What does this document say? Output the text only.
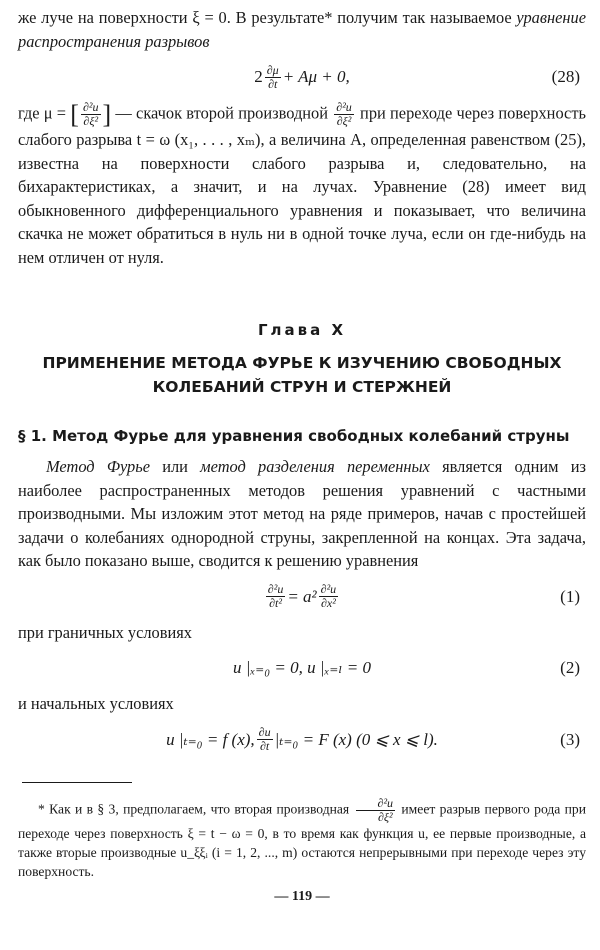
же луче на поверхности ξ = 0. В результате* получим так называемое уравнение распространения разрывов

$2 \frac{\partial\mu}{\partial t} + A\mu + 0$,	(28)

где μ = [ $\frac{\text{∂²u}}{\text{∂ξ²}}$ ] — скачок второй производной $\frac{\text{∂²u}}{\text{∂ξ²}}$ при переходе через поверхность слабого разрыва t = ω (x₁, . . . , xₘ), а величина A, определенная равенством (25), известна на поверхности слабого разрыва и, следовательно, на бихарактеристиках, а значит, и на лучах. Уравнение (28) имеет вид обыкновенного дифференциального уравнения и показывает, что величина скачка не может обратиться в нуль ни в одной точке луча, если он где-нибудь на нем отличен от нуля.

Глава X
ПРИМЕНЕНИЕ МЕТОДА ФУРЬЕ К ИЗУЧЕНИЮ СВОБОДНЫХ
КОЛЕБАНИЙ СТРУН И СТЕРЖНЕЙ
§ 1. Метод Фурье для уравнения свободных колебаний струны

Метод Фурье или метод разделения переменных является одним из наиболее распространенных методов решения уравнений с частными производными. Мы изложим этот метод на ряде примеров, начав с простейшей задачи о колебаниях однородной струны, закрепленной на концах. Эта задача, как было показано выше, сводится к решению уравнения

$\frac{\text{∂²u}}{\text{∂t²}} = a^2 \frac{\text{∂²u}}{\text{∂x²}}$	(1)

при граничных условиях

u |ₓ₌₀ = 0, u |ₓ₌ₗ = 0	(2)

и начальных условиях

u |ₜ₌₀ = f (x), $\frac{\partial u}{\partial t} |_{t=0} = F$ (x) (0 ⩽ x ⩽ l).	(3)

* Как и в § 3, предполагаем, что вторая производная $\frac{\text{∂²u}}{\text{∂ξ²}}$ имеет разрыв первого рода при переходе через поверхность ξ = t − ω = 0, в то время как функция u, ее первые производные, а также вторые производные u_ξξᵢ (i = 1, 2, ..., m) остаются непрерывными при переходе через эту поверхность.

— 119 —
